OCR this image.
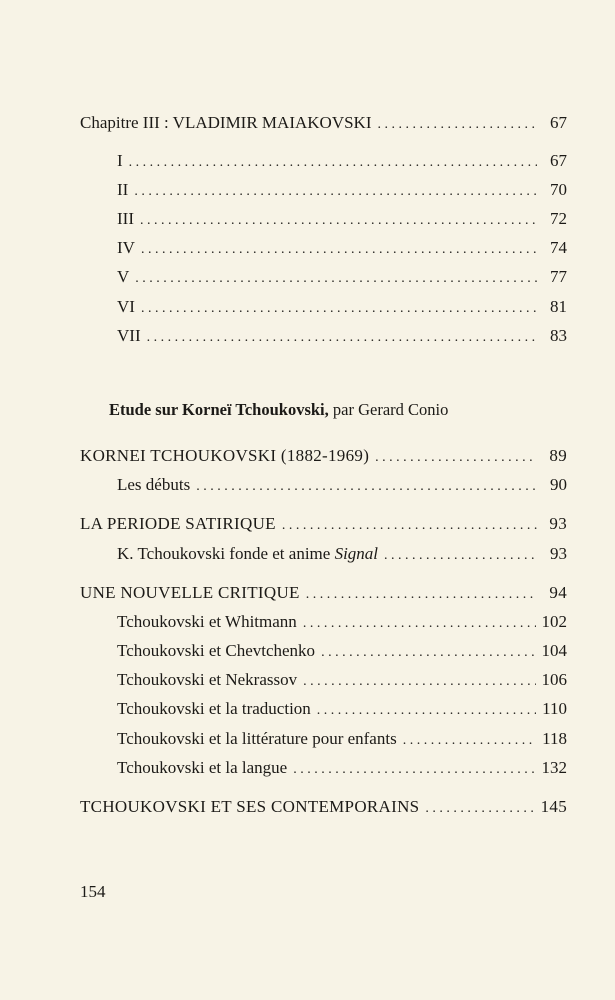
Chapitre III : VLADIMIR MAIAKOVSKI . . .	67
I . . .	67
II . . .	70
III . . .	72
IV . . .	74
V . . .	77
VI . . .	81
VII . . .	83
Etude sur Korneï Tchoukovski, par Gerard Conio
KORNEI TCHOUKOVSKI (1882-1969) . . .	89
Les débuts . . .	90
LA PERIODE SATIRIQUE . . .	93
K. Tchoukovski fonde et anime Signal . . .	93
UNE NOUVELLE CRITIQUE . . .	94
Tchoukovski et Whitmann . . .	102
Tchoukovski et Chevtchenko . . .	104
Tchoukovski et Nekrassov . . .	106
Tchoukovski et la traduction . . .	110
Tchoukovski et la littérature pour enfants . . .	118
Tchoukovski et la langue . . .	132
TCHOUKOVSKI ET SES CONTEMPORAINS . . .	145
154
